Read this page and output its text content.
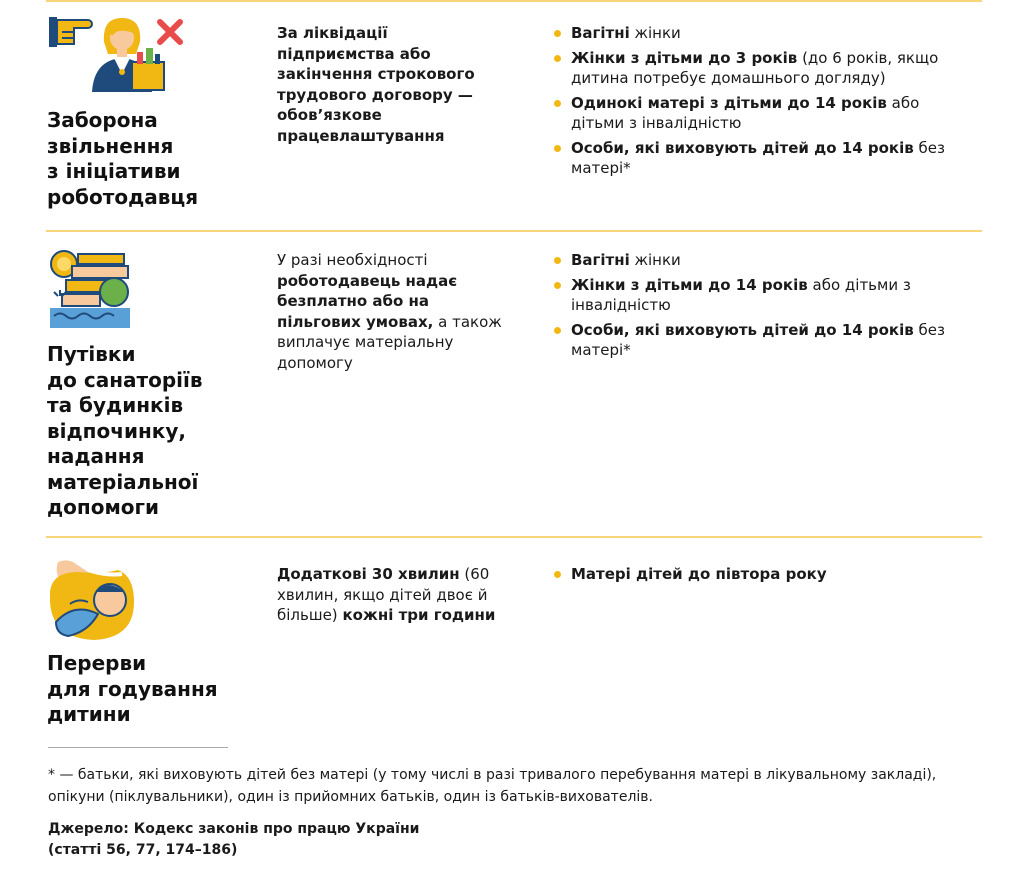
Заборона
звільнення
з ініціативи
роботодавця

За ліквідації
підприємства або
закінчення строкового
трудового договору —
обов’язкове
працевлаштування

Вагітні жінки
Жінки з дітьми до 3 років (до 6 років, якщо дитина потребує домашнього догляду)
Одинокі матері з дітьми до 14 років або дітьми з інвалідністю
Особи, які виховують дітей до 14 років без матері*
Путівки
до санаторіїв
та будинків
відпочинку,
надання
матеріальної
допомоги

У разі необхідності роботодавець надає безплатно або на пільгових умовах, а також виплачує матеріальну допомогу

Вагітні жінки
Жінки з дітьми до 14 років або дітьми з інвалідністю
Особи, які виховують дітей до 14 років без матері*
Перерви
для годування
дитини

Додаткові 30 хвилин (60 хвилин, якщо дітей двоє й більше) кожні три години

Матері дітей до півтора року

* — батьки, які виховують дітей без матері (у тому числі в разі тривалого перебування матері в лікувальному закладі), опікуни (піклувальники), один із прийомних батьків, один із батьків-вихователів.

Джерело: Кодекс законів про працю України
(статті 56, 77, 174–186)
